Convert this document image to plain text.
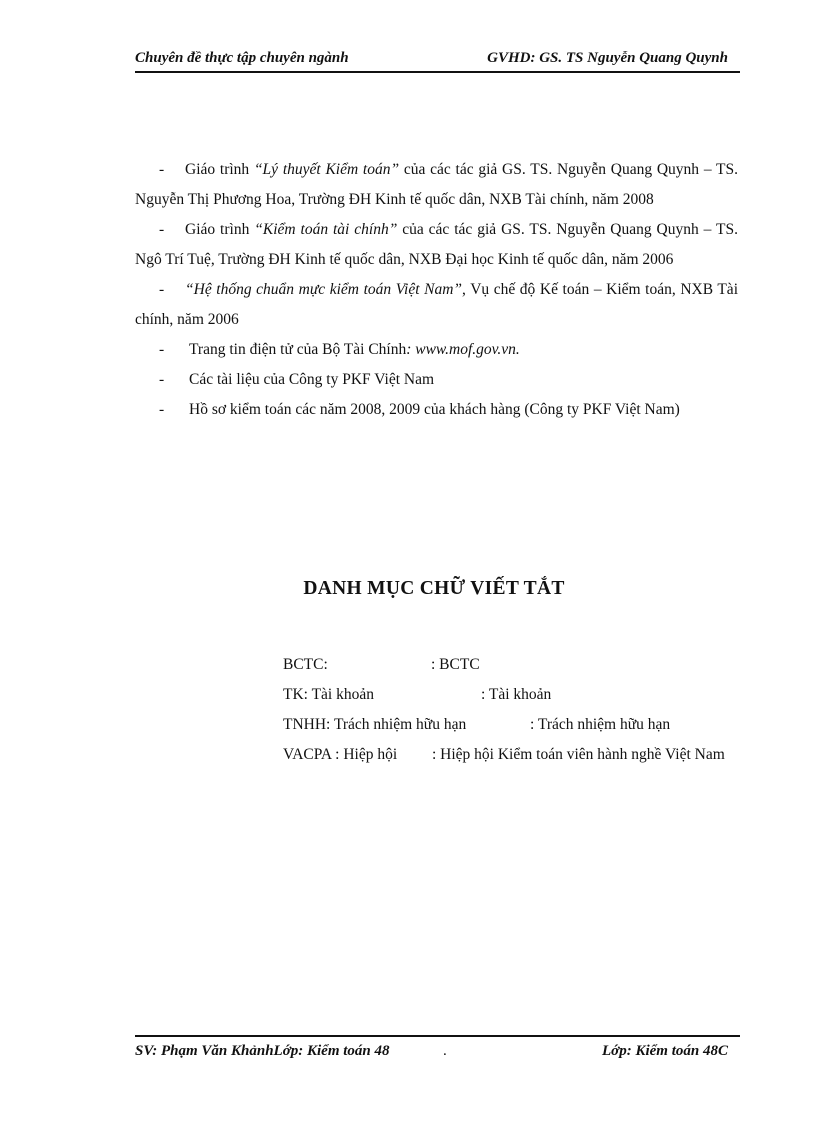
Chuyên đề thực tập chuyên ngành	GVHD: GS. TS Nguyễn Quang Quynh

- Giáo trình “Lý thuyết Kiểm toán” của các tác giả GS. TS. Nguyễn Quang Quynh – TS. Nguyễn Thị Phương Hoa, Trường ĐH Kinh tế quốc dân, NXB Tài chính, năm 2008

- Giáo trình “Kiểm toán tài chính” của các tác giả GS. TS. Nguyễn Quang Quynh – TS. Ngô Trí Tuệ, Trường ĐH Kinh tế quốc dân, NXB Đại học Kinh tế quốc dân, năm 2006

- “Hệ thống chuẩn mực kiểm toán Việt Nam”, Vụ chế độ Kế toán – Kiểm toán, NXB Tài chính, năm 2006

- Trang tin điện tử của Bộ Tài Chính: www.mof.gov.vn.

- Các tài liệu của Công ty PKF Việt Nam

- Hồ sơ kiểm toán các năm 2008, 2009 của khách hàng (Công ty PKF Việt Nam)

DANH MỤC CHỮ VIẾT TẮT
BCTC:	: BCTC
TK: Tài khoản	: Tài khoản
TNHH: Trách nhiệm hữu hạn	: Trách nhiệm hữu hạn
VACPA : Hiệp hội : Hiệp hội Kiểm toán viên hành nghề Việt Nam
SV: Phạm Văn KhảnhLớp: Kiểm toán 48	.	Lớp: Kiểm toán 48C
